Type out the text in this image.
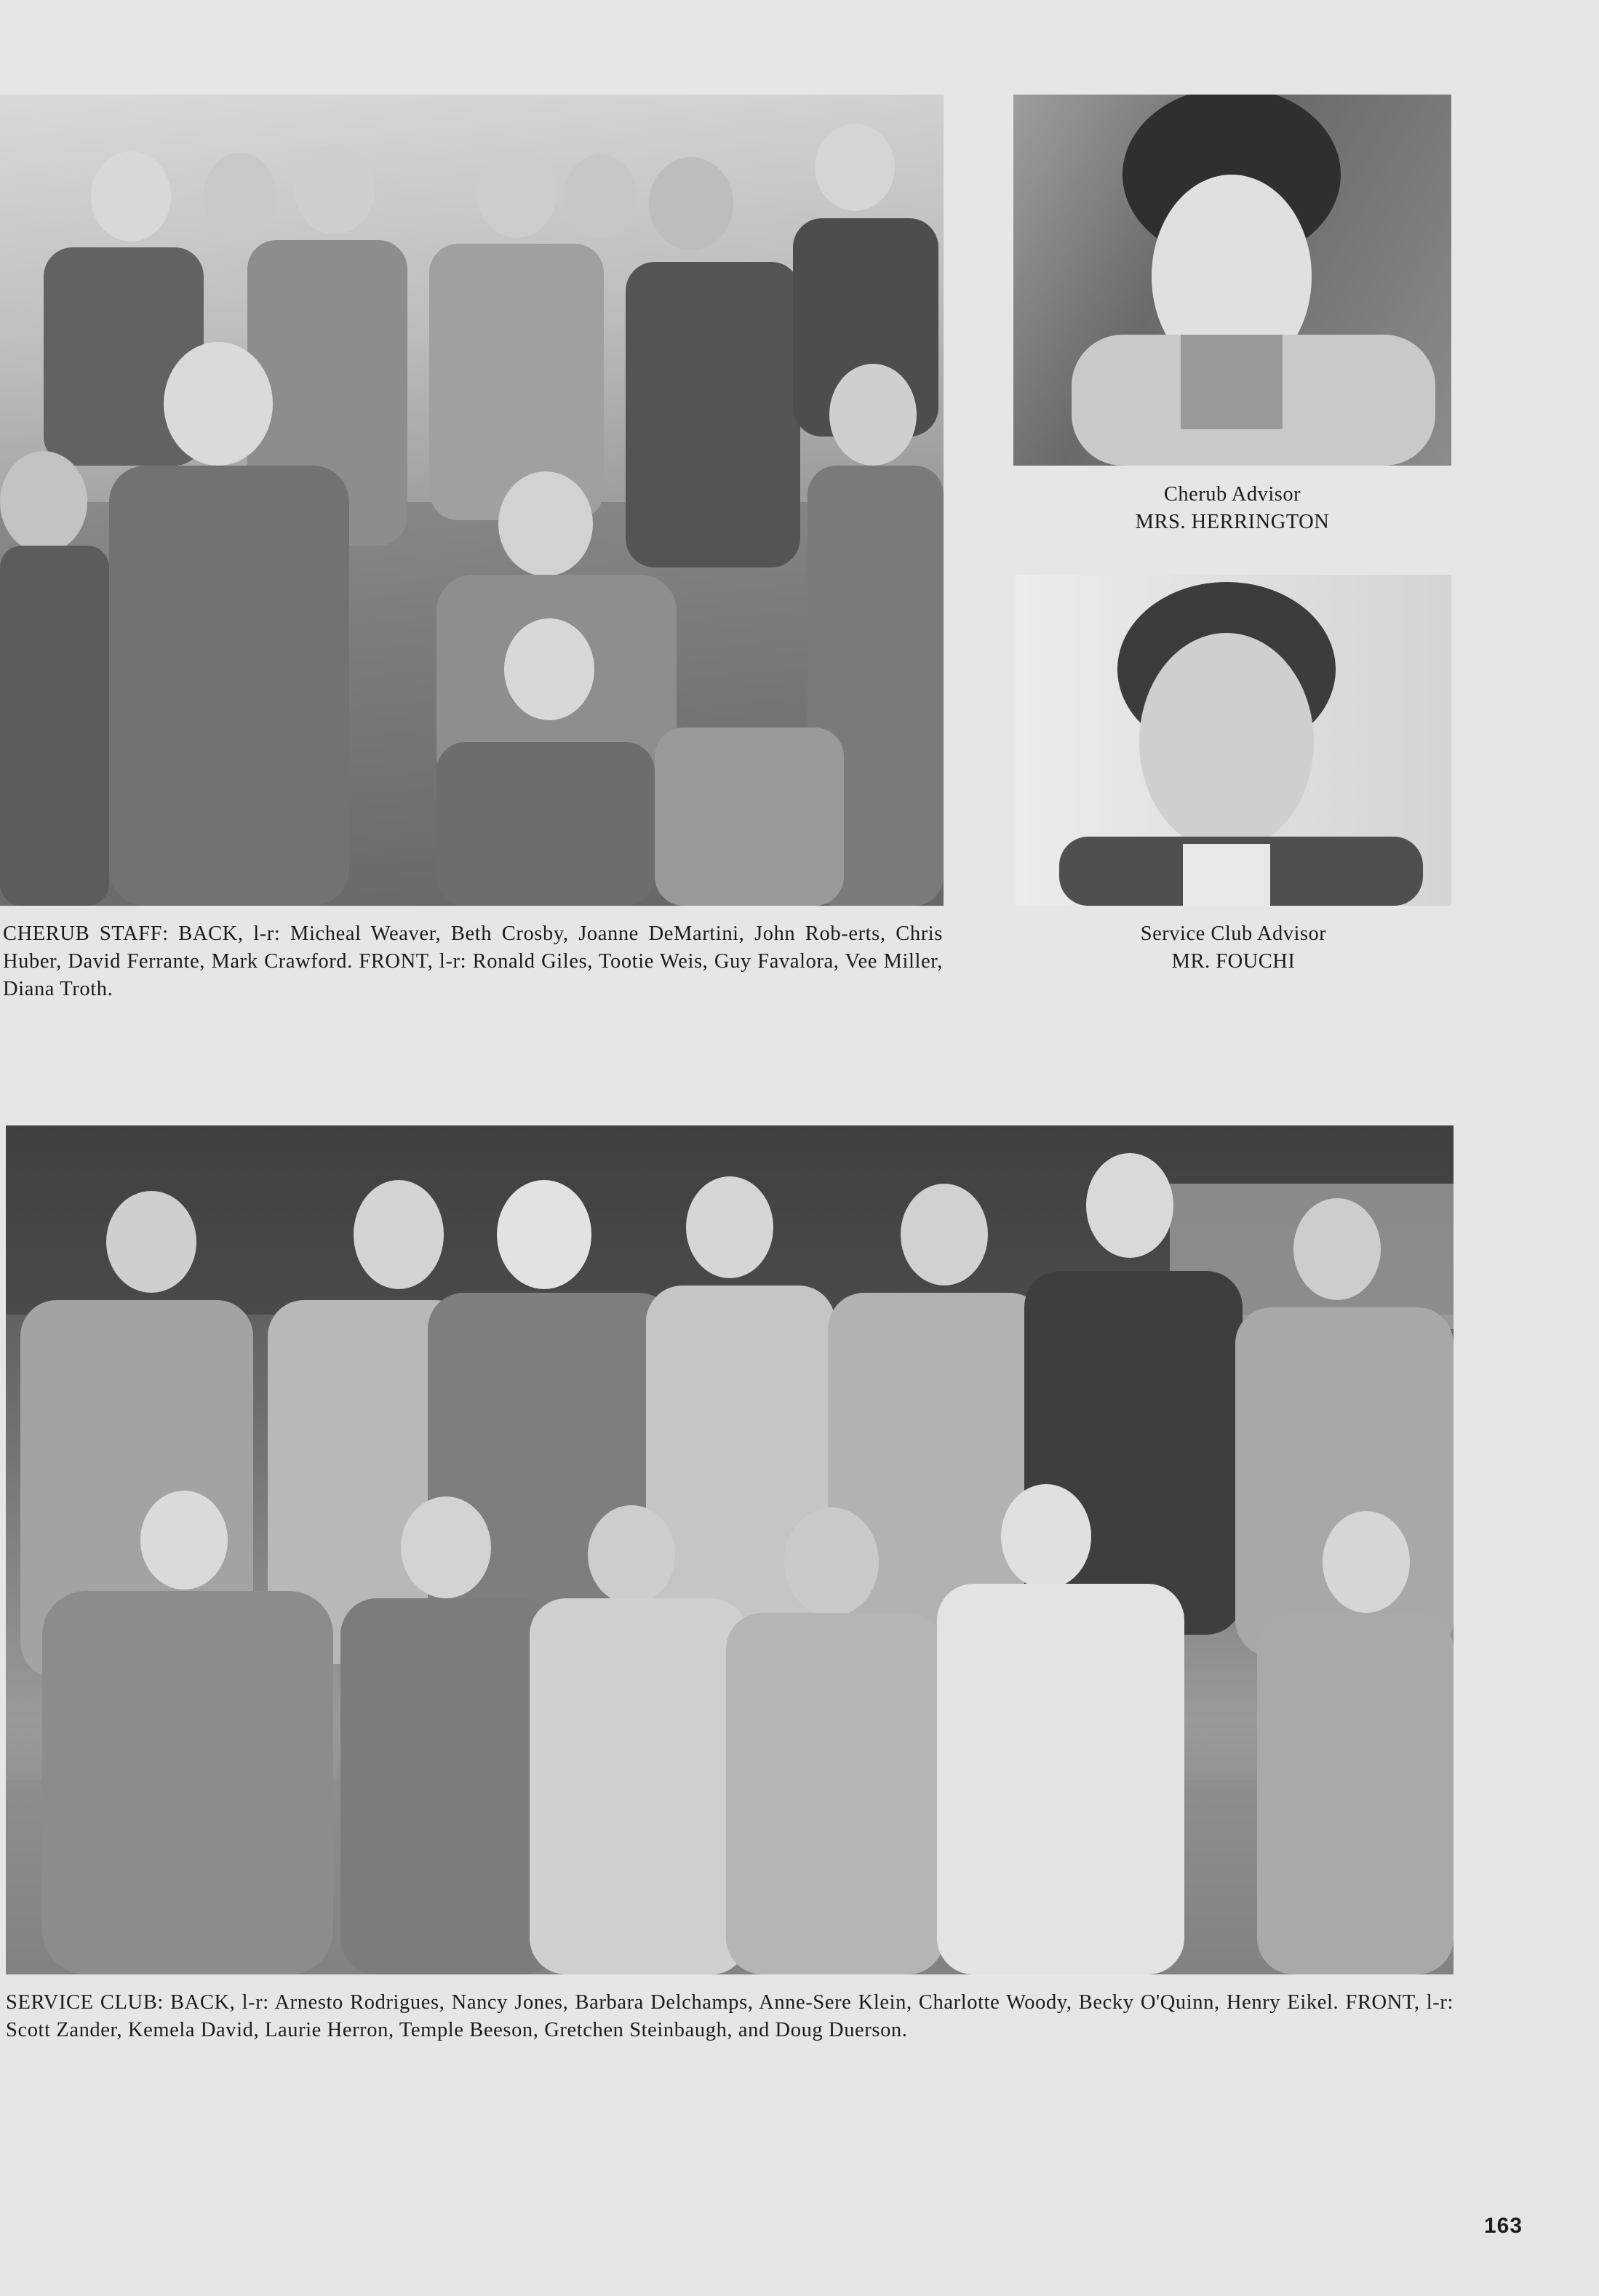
Cherub Advisor
MRS. HERRINGTON
Service Club Advisor
MR. FOUCHI
CHERUB STAFF: BACK, l-r: Micheal Weaver, Beth Crosby, Joanne DeMartini, John Rob-erts, Chris Huber, David Ferrante, Mark Crawford. FRONT, l-r: Ronald Giles, Tootie Weis, Guy Favalora, Vee Miller, Diana Troth.
SERVICE CLUB: BACK, l-r: Arnesto Rodrigues, Nancy Jones, Barbara Delchamps, Anne-Sere Klein, Charlotte Woody, Becky O'Quinn, Henry Eikel. FRONT, l-r: Scott Zander, Kemela David, Laurie Herron, Temple Beeson, Gretchen Steinbaugh, and Doug Duerson.
163
